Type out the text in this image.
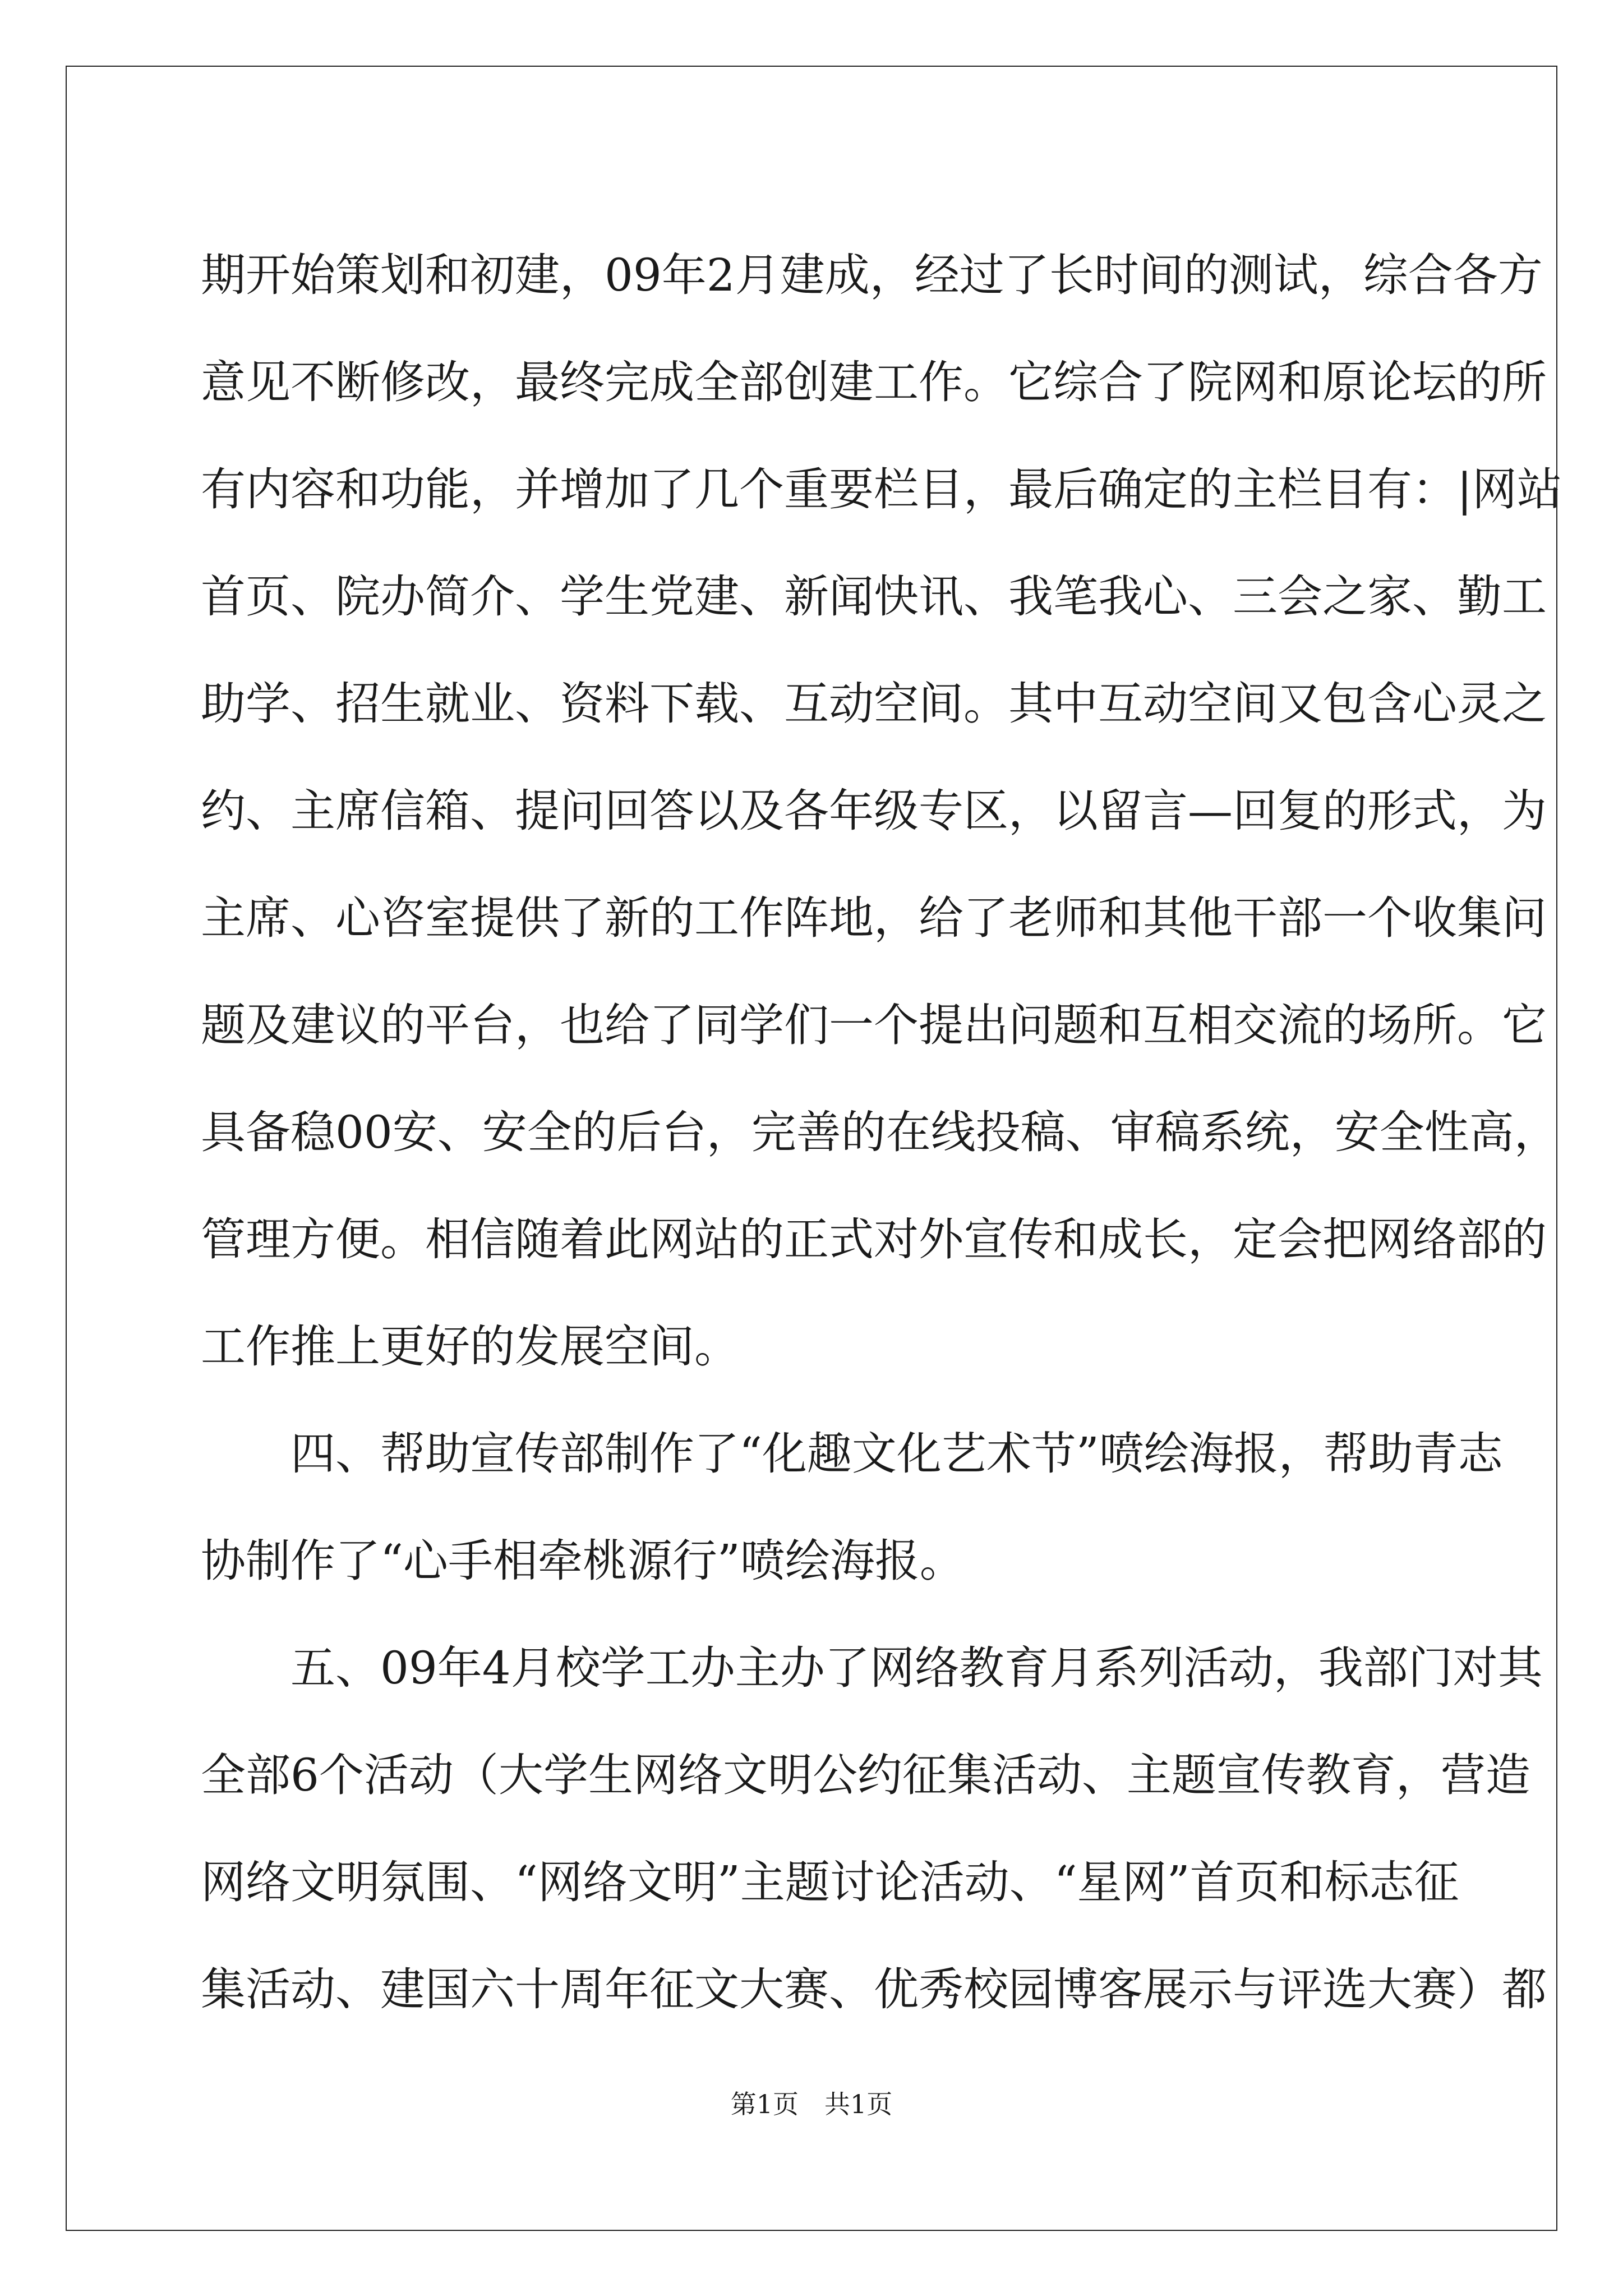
期开始策划和初建，09年2月建成，经过了长时间的测试，综合各方
意见不断修改，最终完成全部创建工作。它综合了院网和原论坛的所
有内容和功能，并增加了几个重要栏目，最后确定的主栏目有：|网站
首页、院办简介、学生党建、新闻快讯、我笔我心、三会之家、勤工
助学、招生就业、资料下载、互动空间。其中互动空间又包含心灵之
约、主席信箱、提问回答以及各年级专区，以留言—回复的形式，为
主席、心咨室提供了新的工作阵地，给了老师和其他干部一个收集问
题及建议的平台，也给了同学们一个提出问题和互相交流的场所。它
具备稳00安、安全的后台，完善的在线投稿、审稿系统，安全性高，
管理方便。相信随着此网站的正式对外宣传和成长，定会把网络部的
工作推上更好的发展空间。
四、帮助宣传部制作了“化趣文化艺术节”喷绘海报，帮助青志
协制作了“心手相牵桃源行”喷绘海报。
五、09年4月校学工办主办了网络教育月系列活动，我部门对其
全部6个活动（大学生网络文明公约征集活动、主题宣传教育，营造
网络文明氛围、“网络文明”主题讨论活动、“星网”首页和标志征
集活动、建国六十周年征文大赛、优秀校园博客展示与评选大赛）都
第1页 共1页
